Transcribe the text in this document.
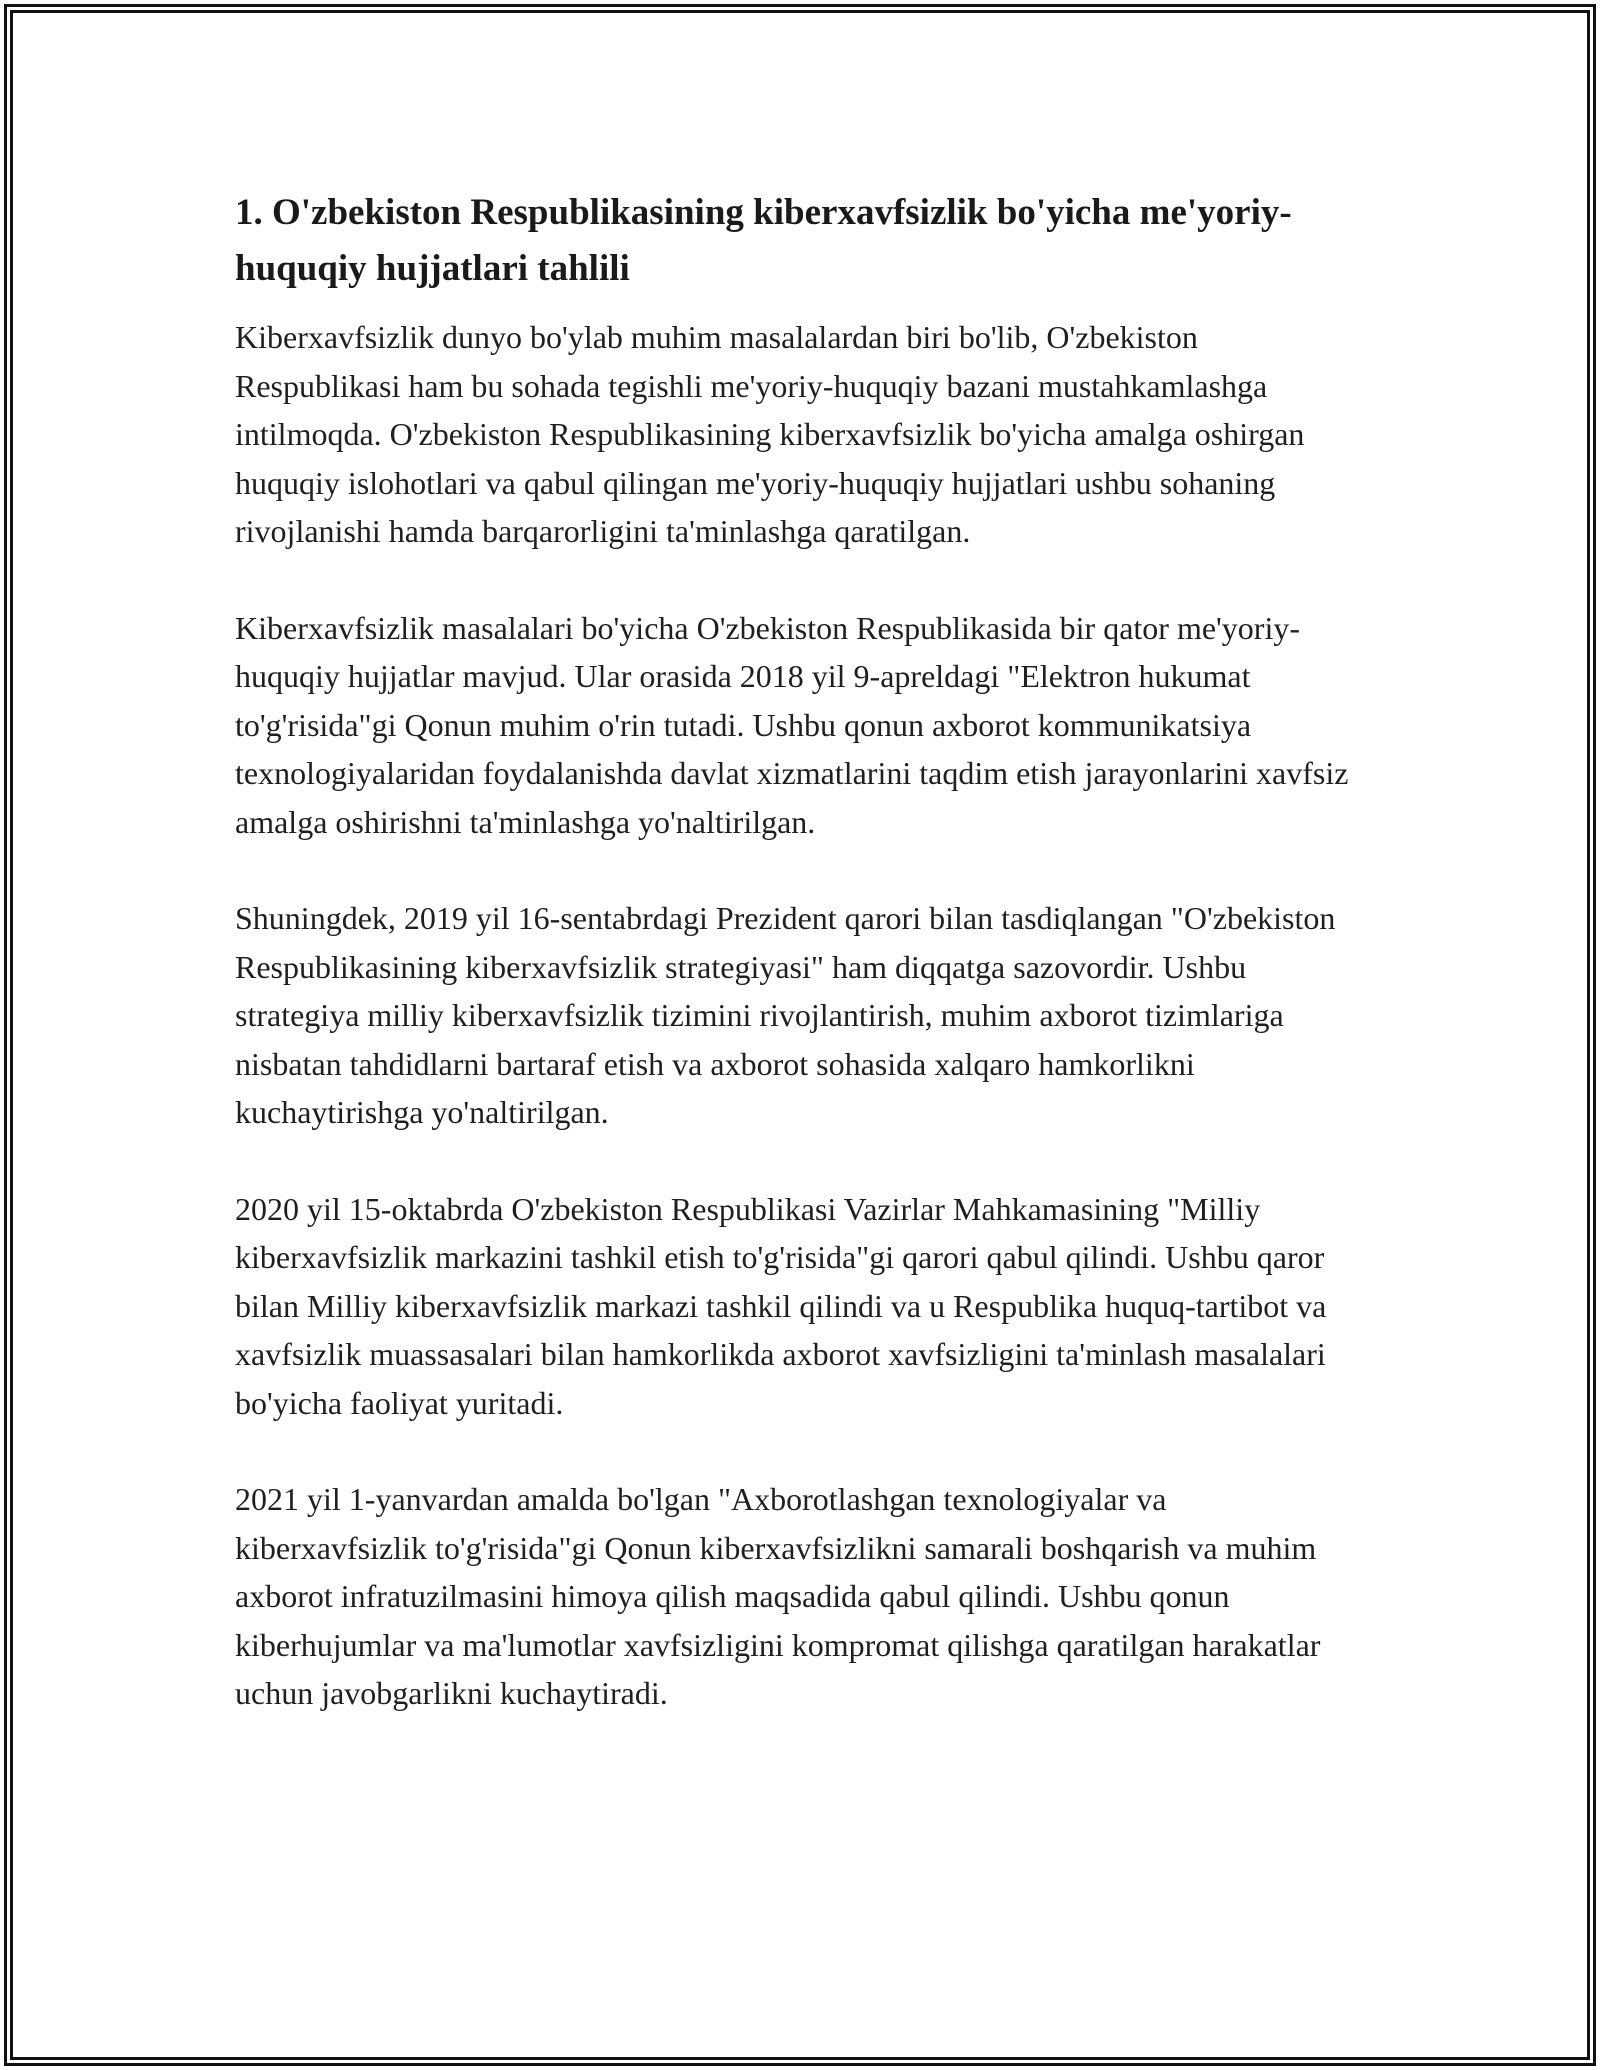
1. O'zbekiston Respublikasining kiberxavfsizlik bo'yicha me'yoriy-huquqiy hujjatlari tahlili

Kiberxavfsizlik dunyo bo'ylab muhim masalalardan biri bo'lib, O'zbekiston Respublikasi ham bu sohada tegishli me'yoriy-huquqiy bazani mustahkamlashga intilmoqda. O'zbekiston Respublikasining kiberxavfsizlik bo'yicha amalga oshirgan huquqiy islohotlari va qabul qilingan me'yoriy-huquqiy hujjatlari ushbu sohaning rivojlanishi hamda barqarorligini ta'minlashga qaratilgan.

Kiberxavfsizlik masalalari bo'yicha O'zbekiston Respublikasida bir qator me'yoriy-huquqiy hujjatlar mavjud. Ular orasida 2018 yil 9-apreldagi "Elektron hukumat to'g'risida"gi Qonun muhim o'rin tutadi. Ushbu qonun axborot kommunikatsiya texnologiyalaridan foydalanishda davlat xizmatlarini taqdim etish jarayonlarini xavfsiz amalga oshirishni ta'minlashga yo'naltirilgan.

Shuningdek, 2019 yil 16-sentabrdagi Prezident qarori bilan tasdiqlangan "O'zbekiston Respublikasining kiberxavfsizlik strategiyasi" ham diqqatga sazovordir. Ushbu strategiya milliy kiberxavfsizlik tizimini rivojlantirish, muhim axborot tizimlariga nisbatan tahdidlarni bartaraf etish va axborot sohasida xalqaro hamkorlikni kuchaytirishga yo'naltirilgan.

2020 yil 15-oktabrda O'zbekiston Respublikasi Vazirlar Mahkamasining "Milliy kiberxavfsizlik markazini tashkil etish to'g'risida"gi qarori qabul qilindi. Ushbu qaror bilan Milliy kiberxavfsizlik markazi tashkil qilindi va u Respublika huquq-tartibot va xavfsizlik muassasalari bilan hamkorlikda axborot xavfsizligini ta'minlash masalalari bo'yicha faoliyat yuritadi.

2021 yil 1-yanvardan amalda bo'lgan "Axborotlashgan texnologiyalar va kiberxavfsizlik to'g'risida"gi Qonun kiberxavfsizlikni samarali boshqarish va muhim axborot infratuzilmasini himoya qilish maqsadida qabul qilindi. Ushbu qonun kiberhujumlar va ma'lumotlar xavfsizligini kompromat qilishga qaratilgan harakatlar uchun javobgarlikni kuchaytiradi.
